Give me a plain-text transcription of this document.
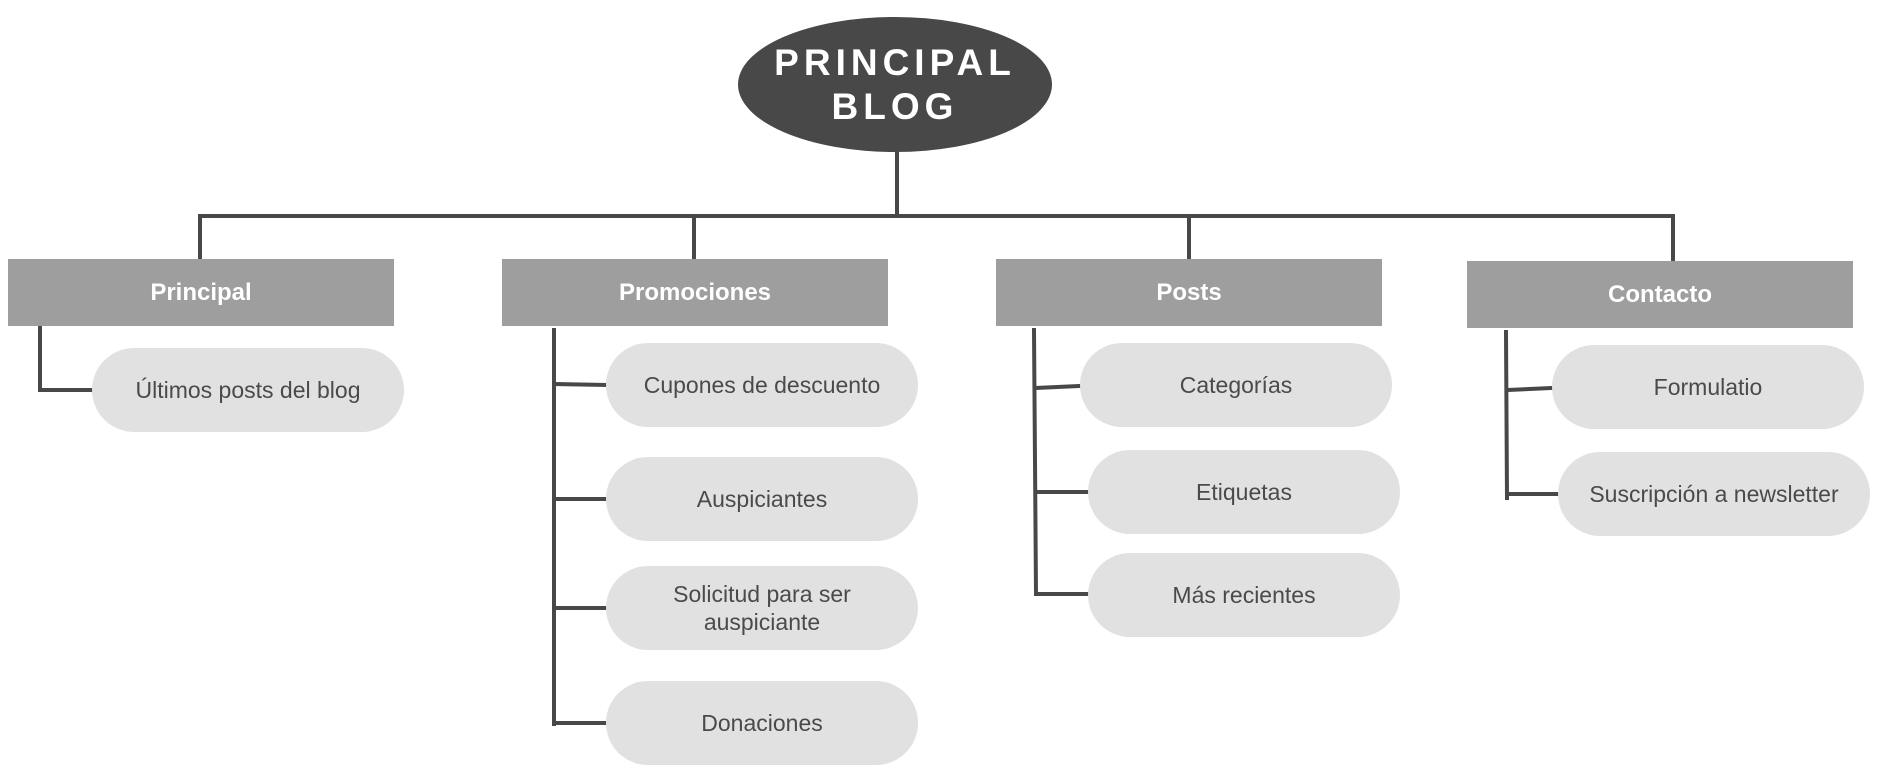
PRINCIPAL
BLOG
Principal	Promociones	Posts	Contacto
Últimos posts del blog	Cupones de descuento
Auspiciantes
Solicitud para ser auspiciante
Donaciones
Categorías
Etiquetas
Más recientes
Formulatio
Suscripción a newsletter
